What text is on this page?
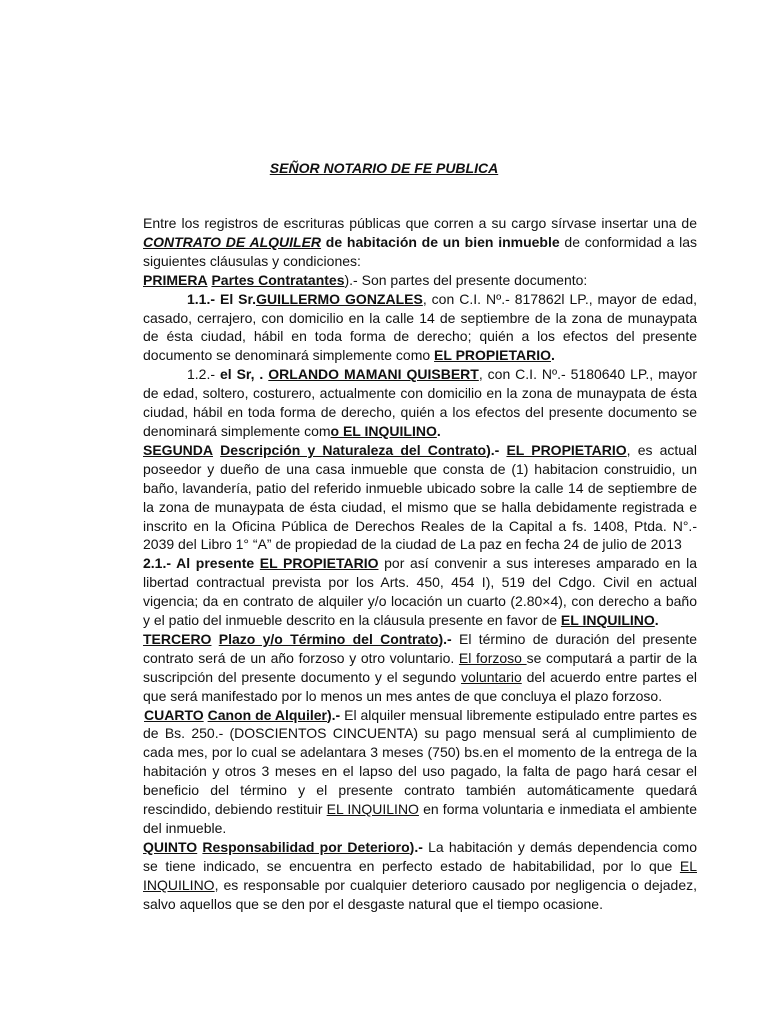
SEÑOR NOTARIO DE FE PUBLICA

Entre los registros de escrituras públicas que corren a su cargo sírvase insertar una de CONTRATO DE ALQUILER de habitación de un bien inmueble de conformidad a las siguientes cláusulas y condiciones:

PRIMERA Partes Contratantes).- Son partes del presente documento:

1.1.- El Sr.GUILLERMO GONZALES, con C.I. Nº.- 817862l LP., mayor de edad, casado, cerrajero, con domicilio en la calle 14 de septiembre de la zona de munaypata de ésta ciudad, hábil en toda forma de derecho; quién a los efectos del presente documento se denominará simplemente como EL PROPIETARIO.

1.2.- el Sr, . ORLANDO MAMANI QUISBERT, con C.I. Nº.- 5180640 LP., mayor de edad, soltero, costurero, actualmente con domicilio en la zona de munaypata de ésta ciudad, hábil en toda forma de derecho, quién a los efectos del presente documento se denominará simplemente como EL INQUILINO.

SEGUNDA Descripción y Naturaleza del Contrato).- EL PROPIETARIO, es actual poseedor y dueño de una casa inmueble que consta de (1) habitacion construidio, un baño, lavandería, patio del referido inmueble ubicado sobre la calle 14 de septiembre de la zona de munaypata de ésta ciudad, el mismo que se halla debidamente registrada e inscrito en la Oficina Pública de Derechos Reales de la Capital a fs. 1408, Ptda. N°.- 2039 del Libro 1° “A” de propiedad de la ciudad de La paz en fecha 24 de julio de 2013

2.1.- Al presente EL PROPIETARIO por así convenir a sus intereses amparado en la libertad contractual prevista por los Arts. 450, 454 I), 519 del Cdgo. Civil en actual vigencia; da en contrato de alquiler y/o locación un cuarto (2.80×4), con derecho a baño y el patio del inmueble descrito en la cláusula presente en favor de EL INQUILINO.

TERCERO Plazo y/o Término del Contrato).- El término de duración del presente contrato será de un año forzoso y otro voluntario. El forzoso se computará a partir de la suscripción del presente documento y el segundo voluntario del acuerdo entre partes el que será manifestado por lo menos un mes antes de que concluya el plazo forzoso.

CUARTO Canon de Alquiler).- El alquiler mensual libremente estipulado entre partes es de Bs. 250.- (DOSCIENTOS CINCUENTA) su pago mensual será al cumplimiento de cada mes, por lo cual se adelantara 3 meses (750) bs.en el momento de la entrega de la habitación y otros 3 meses en el lapso del uso pagado, la falta de pago hará cesar el beneficio del término y el presente contrato también automáticamente quedará rescindido, debiendo restituir EL INQUILINO en forma voluntaria e inmediata el ambiente del inmueble.

QUINTO Responsabilidad por Deterioro).- La habitación y demás dependencia como se tiene indicado, se encuentra en perfecto estado de habitabilidad, por lo que EL INQUILINO, es responsable por cualquier deterioro causado por negligencia o dejadez, salvo aquellos que se den por el desgaste natural que el tiempo ocasione.
